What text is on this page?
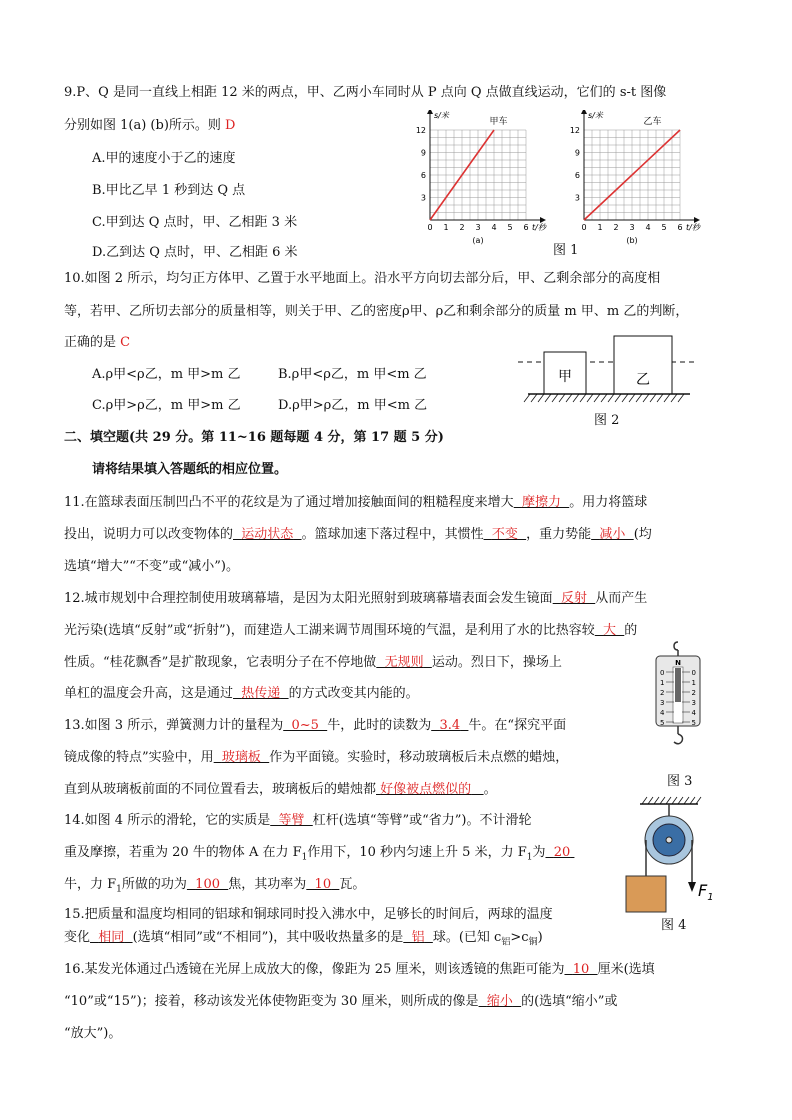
9.P、Q 是同一直线上相距 12 米的两点，甲、乙两小车同时从 P 点向 Q 点做直线运动，它们的 s-t 图像
分别如图 1(a) (b)所示。则 D
A.甲的速度小于乙的速度
B.甲比乙早 1 秒到达 Q 点
C.甲到达 Q 点时，甲、乙相距 3 米
D.乙到达 Q 点时，甲、乙相距 6 米
3
6
9
12
0 1 2 3 4 5 6
s/米
t/秒
甲车
(a)
3
6
9
12
0 1 2 3 4 5 6
s/米
t/秒
乙车
(b)
图 1
10.如图 2 所示，均匀正方体甲、乙置于水平地面上。沿水平方向切去部分后，甲、乙剩余部分的高度相
等，若甲、乙所切去部分的质量相等，则关于甲、乙的密度ρ甲、ρ乙和剩余部分的质量 m 甲、m 乙的判断，
正确的是 C
A.ρ甲<ρ乙，m 甲>m 乙	B.ρ甲<ρ乙，m 甲<m 乙
C.ρ甲>ρ乙，m 甲>m 乙	D.ρ甲>ρ乙，m 甲<m 乙
甲	乙
图 2
二、填空题(共 29 分。第 11~16 题每题 4 分，第 17 题 5 分)
请将结果填入答题纸的相应位置。
11.在篮球表面压制凹凸不平的花纹是为了通过增加接触面间的粗糙程度来增大 摩擦力 。用力将篮球
投出，说明力可以改变物体的 运动状态 。篮球加速下落过程中，其惯性 不变 ，重力势能 减小 (均
选填“增大”“不变”或“减小”)。
12.城市规划中合理控制使用玻璃幕墙，是因为太阳光照射到玻璃幕墙表面会发生镜面 反射 从而产生
光污染(选填“反射”或“折射”)，而建造人工湖来调节周围环境的气温，是利用了水的比热容较 大 的
性质。“桂花飘香”是扩散现象，它表明分子在不停地做 无规则 运动。烈日下，操场上
单杠的温度会升高，这是通过 热传递 的方式改变其内能的。
N
0	0
1	1
2	2
3	3
4	4
5	5
图 3
13.如图 3 所示，弹簧测力计的量程为 0~5 牛，此时的读数为 3.4 牛。在“探究平面
镜成像的特点”实验中，用 玻璃板 作为平面镜。实验时，移动玻璃板后未点燃的蜡烛，
直到从玻璃板前面的不同位置看去，玻璃板后的蜡烛都 好像被点燃似的 。
14.如图 4 所示的滑轮，它的实质是 等臂 杠杆(选填“等臂”或“省力”)。不计滑轮
重及摩擦，若重为 20 牛的物体 A 在力 $F_1$作用下，10 秒内匀速上升 5 米，力 $F_1$为 20
牛，力 $F_1$所做的功为 100 焦，其功率为 10 瓦。	$F_1$
图 4
15.把质量和温度均相同的铝球和铜球同时投入沸水中，足够长的时间后，两球的温度
变化 相同 (选填“相同”或“不相同”)，其中吸收热量多的是 铝 球。(已知 $c_铝>c_铜$)
16.某发光体通过凸透镜在光屏上成放大的像，像距为 25 厘米，则该透镜的焦距可能为 10 厘米(选填
“10”或“15”)；接着，移动该发光体使物距变为 30 厘米，则所成的像是 缩小 的(选填“缩小”或
“放大”)。
